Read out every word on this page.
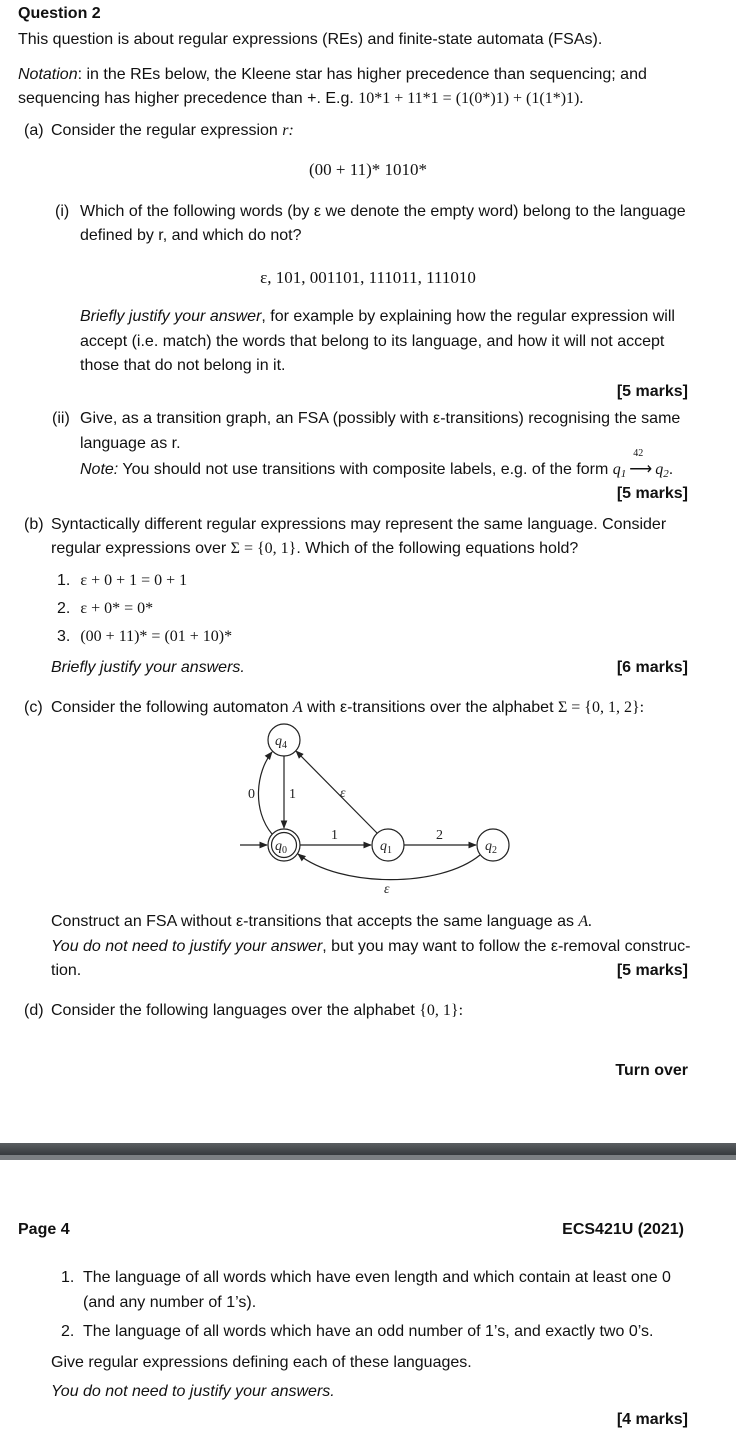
Question 2
This question is about regular expressions (REs) and finite-state automata (FSAs).
Notation: in the REs below, the Kleene star has higher precedence than sequencing; and
sequencing has higher precedence than +. E.g. 10*1 + 11*1 = (1(0*)1) + (1(1*)1).
(a) Consider the regular expression r:
(00 + 11)* 1010*
(i) Which of the following words (by ε we denote the empty word) belong to the language
defined by r, and which do not?
ε, 101, 001101, 111011, 111010
Briefly justify your answer, for example by explaining how the regular expression will
accept (i.e. match) the words that belong to its language, and how it will not accept
those that do not belong in it.
[5 marks]
(ii) Give, as a transition graph, an FSA (possibly with ε-transitions) recognising the same
language as r.
Note: You should not use transitions with composite labels, e.g. of the form $q_1$
42
⟶ $q_2$.
[5 marks]
(b) Syntactically different regular expressions may represent the same language. Consider
regular expressions over Σ = {0, 1}. Which of the following equations hold?
1. ε + 0 + 1 = 0 + 1
2. ε + 0* = 0*
3. (00 + 11)* = (01 + 10)*
Briefly justify your answers.	[6 marks]
(c) Consider the following automaton A with ε-transitions over the alphabet Σ = {0, 1, 2}:
$q_4$
$q_0$	$q_1$	$q_2$
0 1	ε
1	2
ε
Construct an FSA without ε-transitions that accepts the same language as A.
You do not need to justify your answer, but you may want to follow the ε-removal construc-
tion.	[5 marks]
(d) Consider the following languages over the alphabet {0, 1}:
Turn over
Page 4	ECS421U (2021)
1. The language of all words which have even length and which contain at least one 0
(and any number of 1’s).
2. The language of all words which have an odd number of 1’s, and exactly two 0’s.
Give regular expressions defining each of these languages.
You do not need to justify your answers.
[4 marks]
